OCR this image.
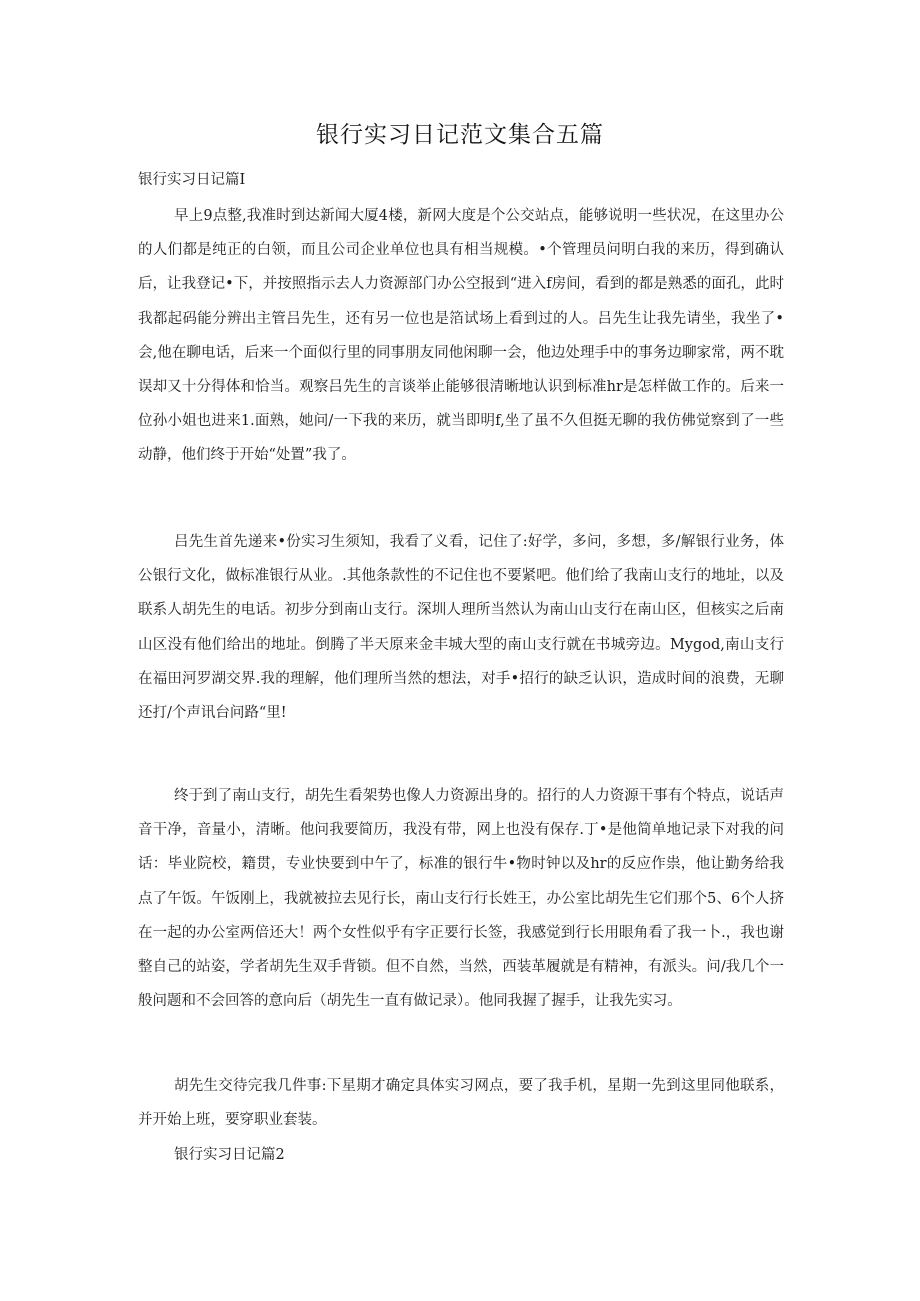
银行实习日记范文集合五篇
银行实习日记篇I
早上9点整,我准时到达新闻大厦4楼，新网大度是个公交站点，能够说明一些状况，在这里办公的人们都是纯正的白领，而且公司企业单位也具有相当规模。•个管理员问明白我的来历，得到确认后，让我登记•下，并按照指示去人力资源部门办公空报到“进入f房间，看到的都是熟悉的面孔，此时我都起码能分辨出主管吕先生，还有另一位也是箔试场上看到过的人。吕先生让我先请坐，我坐了•会,他在聊电话，后来一个面似行里的同事朋友同他闲聊一会，他边处理手中的事务边聊家常，两不耽误却又十分得体和恰当。观察吕先生的言谈举止能够很清晰地认识到标准hr是怎样做工作的。后来一位孙小姐也进来1.面熟，她问/一下我的来历，就当即明f,坐了虽不久但挺无聊的我仿佛觉察到了一些动静，他们终于开始“处置”我了。
吕先生首先递来•份实习生须知，我看了义看，记住了:好学，多问，多想，多/解银行业务，体公银行文化，做标准银行从业。.其他条款性的不记住也不要紧吧。他们给了我南山支行的地址，以及联系人胡先生的电话。初步分到南山支行。深圳人理所当然认为南山山支行在南山区，但核实之后南山区没有他们给出的地址。倒腾了半天原来金丰城大型的南山支行就在书城旁边。Mygod,南山支行在福田河罗湖交界.我的理解，他们理所当然的想法，对手•招行的缺乏认识，造成时间的浪费，无聊还打/个声讯台问路“里!
终于到了南山支行，胡先生看架势也像人力资源出身的。招行的人力资源干事有个特点，说话声音干净，音量小，清晰。他问我要简历，我没有带，网上也没有保存.丁•是他简单地记录下对我的问话：毕业院校，籍贯，专业快要到中午了，标准的银行牛•物时钟以及hr的反应作祟，他让勤务给我点了午饭。午饭刚上，我就被拉去见行长，南山支行行长姓王，办公室比胡先生它们那个5、6个人挤在一起的办公室两倍还大！两个女性似乎有字正要行长签，我感觉到行长用眼角看了我一卜.，我也谢整自己的站姿，学者胡先生双手背锁。但不自然，当然，西装革履就是有精神，有派头。问/我几个一般问题和不会回答的意向后（胡先生一直有做记录）。他同我握了握手，让我先实习。
胡先生交待完我几件事:下星期才确定具体实习网点，要了我手机，星期一先到这里同他联系，并开始上班，要穿职业套装。
银行实习日记篇2
